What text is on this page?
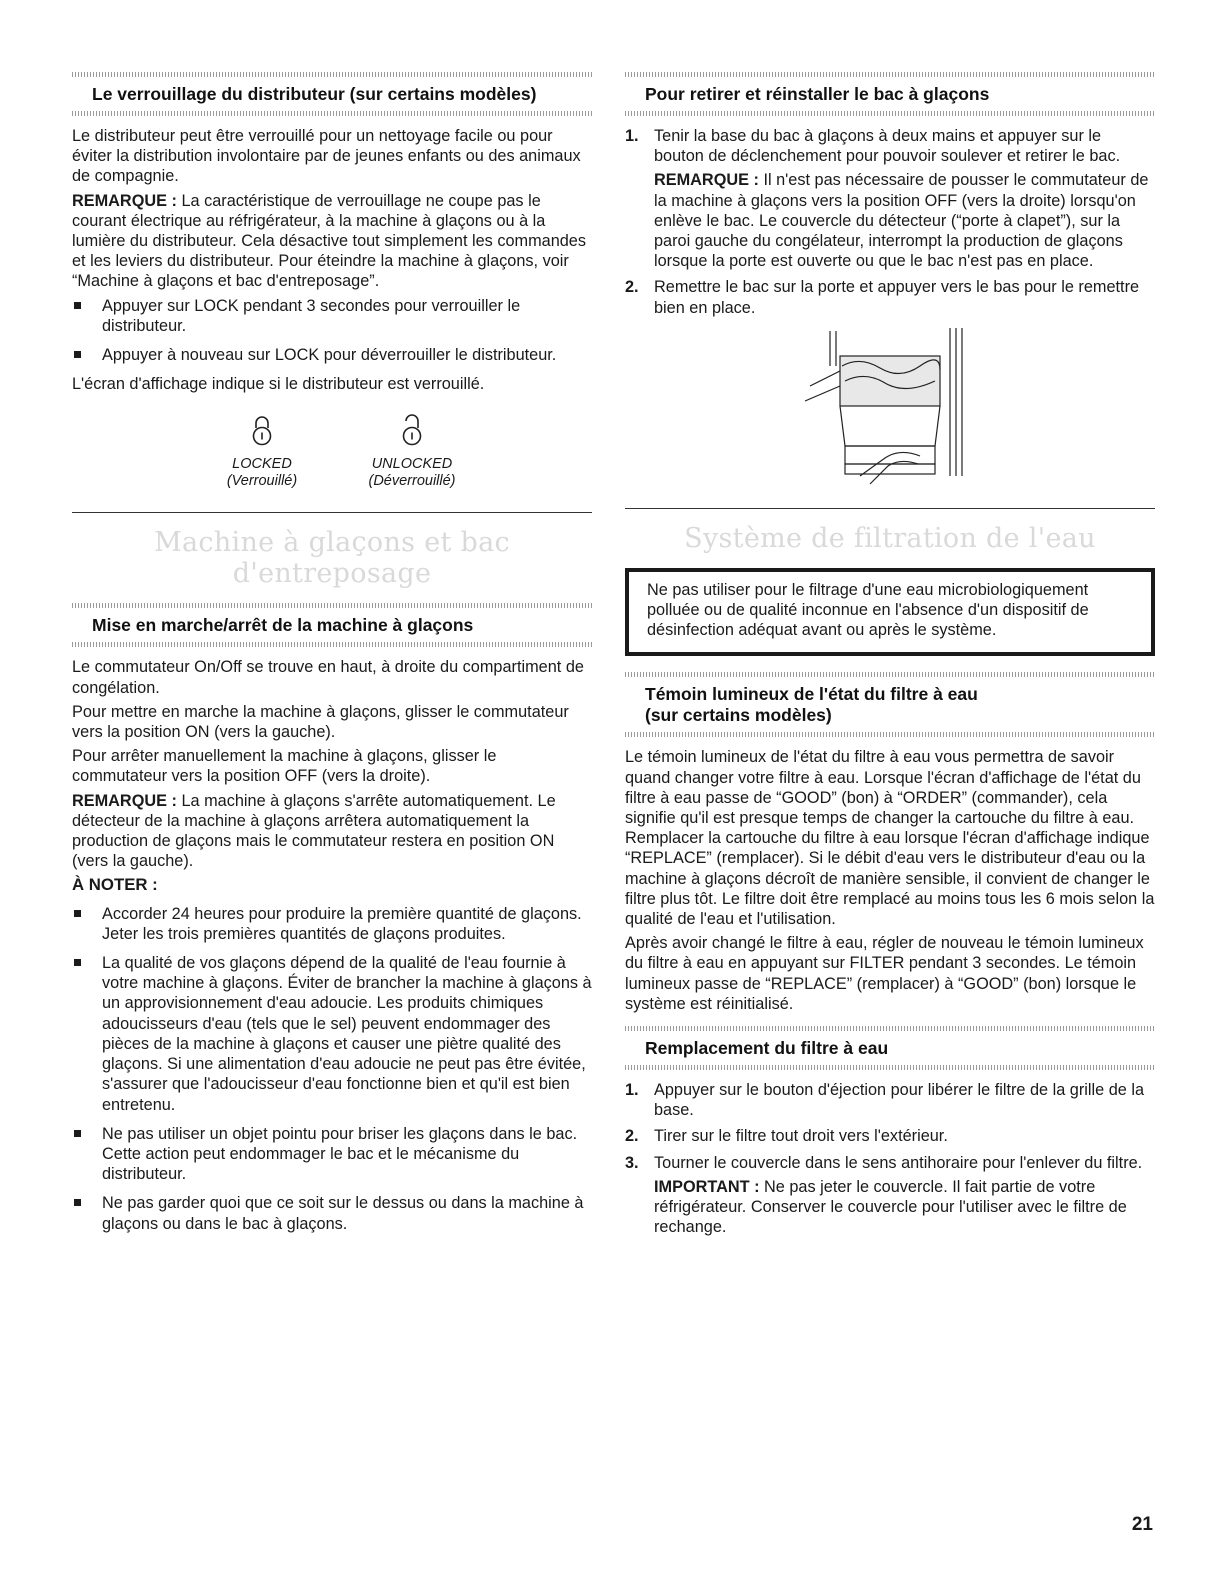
Le verrouillage du distributeur (sur certains modèles)

Le distributeur peut être verrouillé pour un nettoyage facile ou pour éviter la distribution involontaire par de jeunes enfants ou des animaux de compagnie.

REMARQUE : La caractéristique de verrouillage ne coupe pas le courant électrique au réfrigérateur, à la machine à glaçons ou à la lumière du distributeur. Cela désactive tout simplement les commandes et les leviers du distributeur. Pour éteindre la machine à glaçons, voir “Machine à glaçons et bac d'entreposage”.

Appuyer sur LOCK pendant 3 secondes pour verrouiller le distributeur.
Appuyer à nouveau sur LOCK pour déverrouiller le distributeur.

L'écran d'affichage indique si le distributeur est verrouillé.

LOCKED
(Verrouillé)
UNLOCKED
(Déverrouillé)
Machine à glaçons et bac d'entreposage
Mise en marche/arrêt de la machine à glaçons

Le commutateur On/Off se trouve en haut, à droite du compartiment de congélation.

Pour mettre en marche la machine à glaçons, glisser le commutateur vers la position ON (vers la gauche).

Pour arrêter manuellement la machine à glaçons, glisser le commutateur vers la position OFF (vers la droite).

REMARQUE : La machine à glaçons s'arrête automatiquement. Le détecteur de la machine à glaçons arrêtera automatiquement la production de glaçons mais le commutateur restera en position ON (vers la gauche).

À NOTER :

Accorder 24 heures pour produire la première quantité de glaçons. Jeter les trois premières quantités de glaçons produites.
La qualité de vos glaçons dépend de la qualité de l'eau fournie à votre machine à glaçons. Éviter de brancher la machine à glaçons à un approvisionnement d'eau adoucie. Les produits chimiques adoucisseurs d'eau (tels que le sel) peuvent endommager des pièces de la machine à glaçons et causer une piètre qualité des glaçons. Si une alimentation d'eau adoucie ne peut pas être évitée, s'assurer que l'adoucisseur d'eau fonctionne bien et qu'il est bien entretenu.
Ne pas utiliser un objet pointu pour briser les glaçons dans le bac. Cette action peut endommager le bac et le mécanisme du distributeur.
Ne pas garder quoi que ce soit sur le dessus ou dans la machine à glaçons ou dans le bac à glaçons.
Pour retirer et réinstaller le bac à glaçons
1. Tenir la base du bac à glaçons à deux mains et appuyer sur le bouton de déclenchement pour pouvoir soulever et retirer le bac.
REMARQUE : Il n'est pas nécessaire de pousser le commutateur de la machine à glaçons vers la position OFF (vers la droite) lorsqu'on enlève le bac. Le couvercle du détecteur (“porte à clapet”), sur la paroi gauche du congélateur, interrompt la production de glaçons lorsque la porte est ouverte ou que le bac n'est pas en place.
2. Remettre le bac sur la porte et appuyer vers le bas pour le remettre bien en place.
Système de filtration de l'eau

Ne pas utiliser pour le filtrage d'une eau microbiologiquement polluée ou de qualité inconnue en l'absence d'un dispositif de désinfection adéquat avant ou après le système.

Témoin lumineux de l'état du filtre à eau
(sur certains modèles)

Le témoin lumineux de l'état du filtre à eau vous permettra de savoir quand changer votre filtre à eau. Lorsque l'écran d'affichage de l'état du filtre à eau passe de “GOOD” (bon) à “ORDER” (commander), cela signifie qu'il est presque temps de changer la cartouche du filtre à eau. Remplacer la cartouche du filtre à eau lorsque l'écran d'affichage indique “REPLACE” (remplacer). Si le débit d'eau vers le distributeur d'eau ou la machine à glaçons décroît de manière sensible, il convient de changer le filtre plus tôt. Le filtre doit être remplacé au moins tous les 6 mois selon la qualité de l'eau et l'utilisation.

Après avoir changé le filtre à eau, régler de nouveau le témoin lumineux du filtre à eau en appuyant sur FILTER pendant 3 secondes. Le témoin lumineux passe de “REPLACE” (remplacer) à “GOOD” (bon) lorsque le système est réinitialisé.

Remplacement du filtre à eau
1. Appuyer sur le bouton d'éjection pour libérer le filtre de la grille de la base.
2. Tirer sur le filtre tout droit vers l'extérieur.
3. Tourner le couvercle dans le sens antihoraire pour l'enlever du filtre.
IMPORTANT : Ne pas jeter le couvercle. Il fait partie de votre réfrigérateur. Conserver le couvercle pour l'utiliser avec le filtre de rechange.
21
